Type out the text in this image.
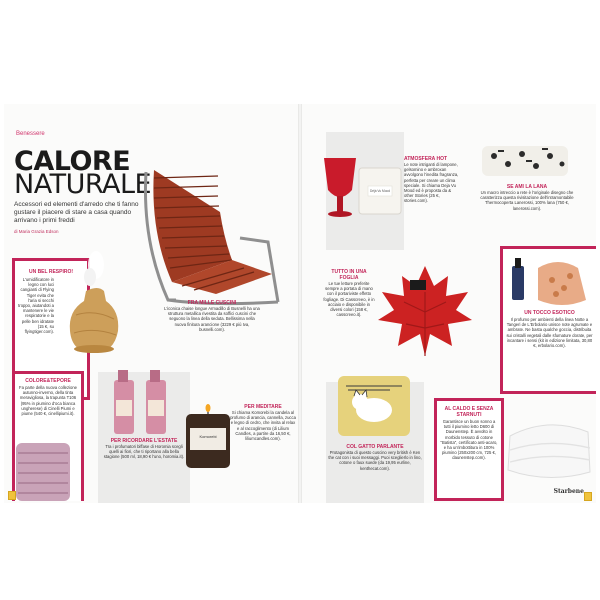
Benessere
CALORE
NATURALE
Accessori ed elementi d'arredo che ti fanno gustare il piacere di stare a casa quando arrivano i primi freddi
di Maria Grazia Edson
UN BEL RESPIRO!
L'umidificatore in legno con luci cangianti di Flying Tiger evita che l'aria si secchi troppo, aiutandoti a mantenere le vie respiratorie e la pelle ben idratate (15 €, su flyingtiger.com).
FRA MILLE CUSCINI
L'iconica chaise longue Armadillo di Busnelli ha una struttura metallica rivestita da soffici cuscini che seguono la linea della seduta. Bellissima nella nuova finitura arancione (3229 € più Iva, busnelli.com).
COLORE&TEPORE
Fa parte della nuova collezione autunno-inverno, della tinta meravigliosa, la trapunta T106 (95% in piumino d'oca bianca ungherese) di Cinelli Piumi e piume (540 €, cinellipiumi.it).
PER RICORDARE L'ESTATE
Tra i profumatori biffase di Horomia scegli quelli ai fiori, che ti riportano alla bella stagione (500 ml, 18,90 € l'uno, horomia.it).
Komorebi
PER MEDITARE
Si chiama Komorebi la candela al profumo di arancia, cannella, zucca e legno di cedro, che invita al relax e al raccoglimento (di Lilium Candles, a partire da 16,50 €, liliumcandles.com).
Déjà Vu Mood
ATMOSFERA HOT
Le note intriganti di lampone, gelsomino e ambroxan avvolgono l'inedita fragranza, perfetta per creare un clima speciale. Si chiama Deja Vu Mood ed è proposta da & other Stories (25 €, stories.com).
SE AMI LA LANA
Un macro intreccio a rete è l'originale disegno che caratterizza questa rivisitazione dell'intramontabile Thermocoperta Lanerossi, 100% lana (750 €, lanerossi.com).
TUTTO IN UNA FOGLIA
Le tue letture preferite sempre a portata di mano con il portariviste effetto fogliage. Di Casscreeo, è in acciaio e disponibile in diversi colori (158 €, casscreeo.it).	UN TOCCO ESOTICO
Il profumo per ambienti della linea Notte a Tangeri de L'Erbolario unisce note agrumate e ambrate. Ne basta qualche goccia, distribuita sui cristalli vegetali dalle sfumature dorate, per incantare i sensi (kit in edizione limitata, 30,80 €, erbolario.com).
COL GATTO PARLANTE
Protagonista di questo cuscino very british è Ken the cat con i suoi messaggi. Puoi sceglierlo in lino, cotone o faux suede (da 19,95 eurline, kenthecat.com).
AL CALDO E SENZA STARNUTI
Garantisce un buon sonno a tutti il piumino letto D600 di Daunenstep. È avvolto in morbido tessuto di cotone "Batista", certificato anti-acaro, e ha un'imbottitura in 100% piumino (250x200 cm, 725 €, daunenstep.com).
Starbene
